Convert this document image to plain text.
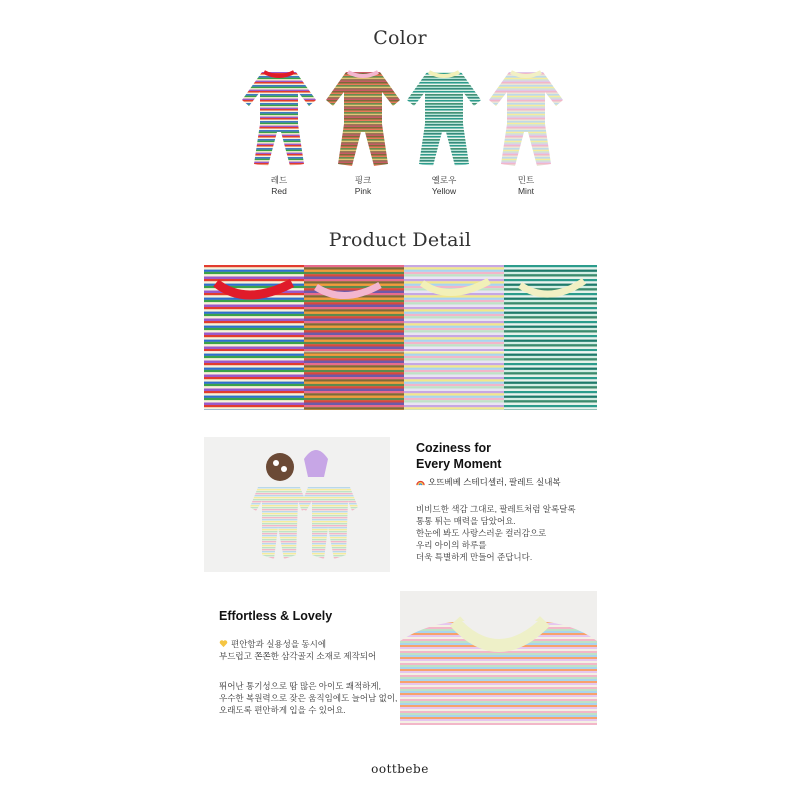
Color
레드
Red
핑크
Pink
옐로우
Yellow
민트
Mint
Product Detail
Coziness for
Every Moment
오뜨베베 스테디셀러, 팔레트 실내복
비비드한 색감 그대로, 팔레트처럼 알록달록
통통 튀는 매력을 담았어요.
한눈에 봐도 사랑스러운 컬러감으로
우리 아이의 하루를
더욱 특별하게 만들어 준답니다.
Effortless & Lovely
편안함과 실용성을 동시에
부드럽고 쫀쫀한 삼각골지 소재로 제작되어
뛰어난 통기성으로 땀 많은 아이도 쾌적하게,
우수한 복원력으로 잦은 움직임에도 늘어남 없이,
오래도록 편안하게 입을 수 있어요.
oottbebe
